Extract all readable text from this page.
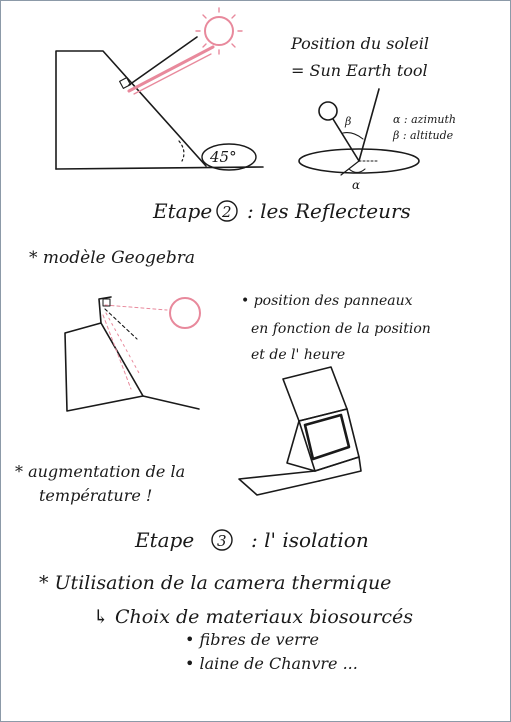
Position du soleil
= Sun Earth tool
45°
β
α
α : azimuth
β : altitude
Etape 2 : les Reflecteurs
* modèle Geogebra
• position des panneaux
en fonction de la position
et de l' heure
* augmentation de la
température !
Etape 3 : l' isolation
* Utilisation de la camera thermique
↳ Choix de materiaux biosourcés
• fibres de verre
• laine de Chanvre ...
